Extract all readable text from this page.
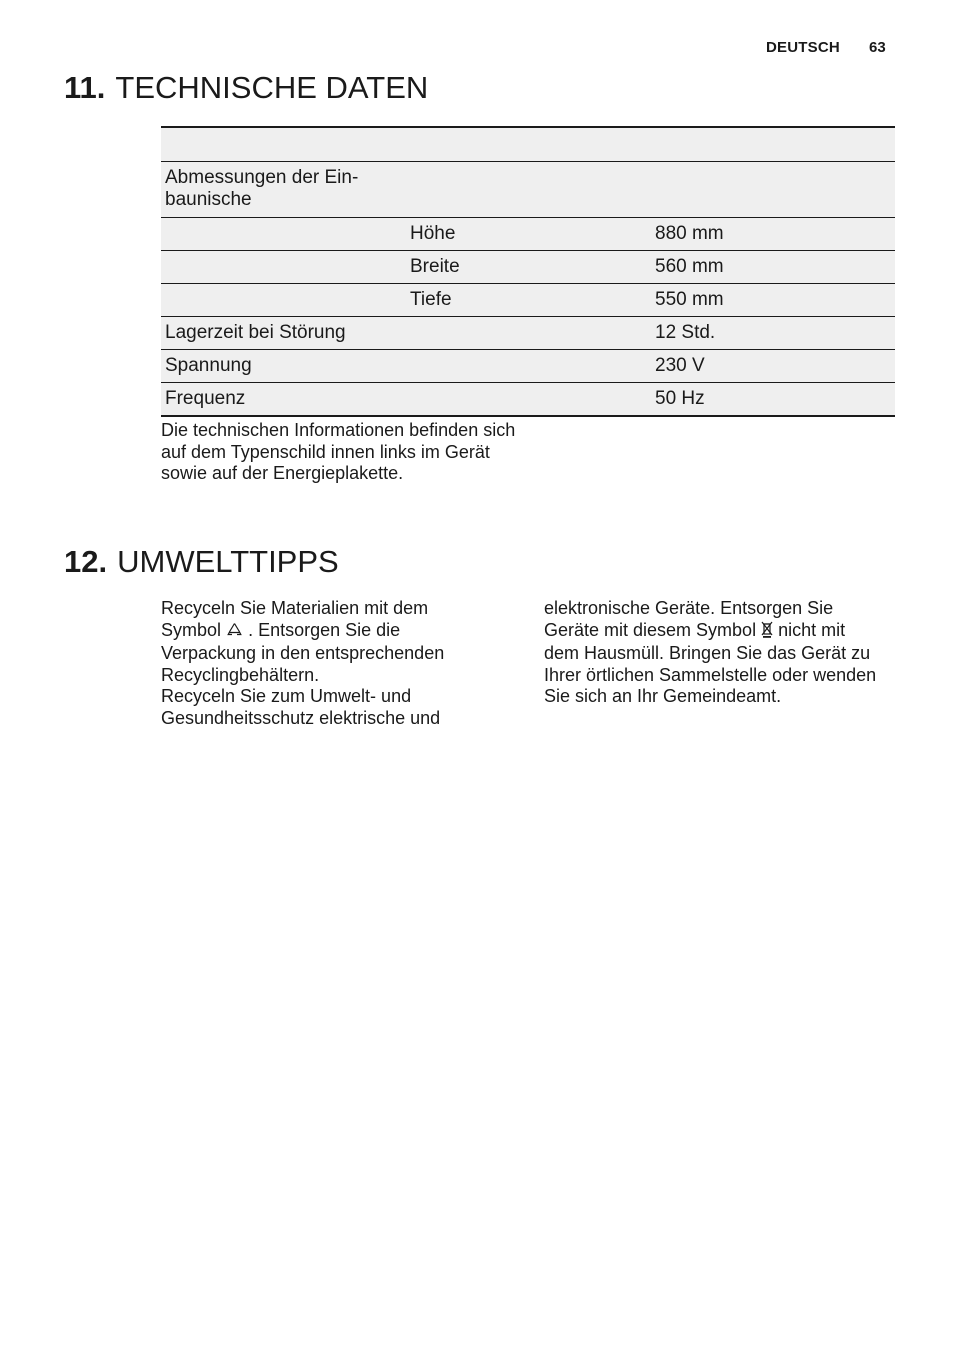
DEUTSCH 63
11. TECHNISCHE DATEN
Abmessungen der Ein-
baunische
Höhe	880 mm
Breite	560 mm
Tiefe	550 mm
Lagerzeit bei Störung	12 Std.
Spannung	230 V
Frequenz	50 Hz
Die technischen Informationen befinden sich auf dem Typenschild innen links im Gerät sowie auf der Energieplakette.
12. UMWELTTIPPS
Recyceln Sie Materialien mit dem Symbol . Entsorgen Sie die Verpackung in den entsprechenden Recyclingbehältern.
Recyceln Sie zum Umwelt- und Gesundheitsschutz elektrische und
elektronische Geräte. Entsorgen Sie Geräte mit diesem Symbol nicht mit dem Hausmüll. Bringen Sie das Gerät zu Ihrer örtlichen Sammelstelle oder wenden Sie sich an Ihr Gemeindeamt.
